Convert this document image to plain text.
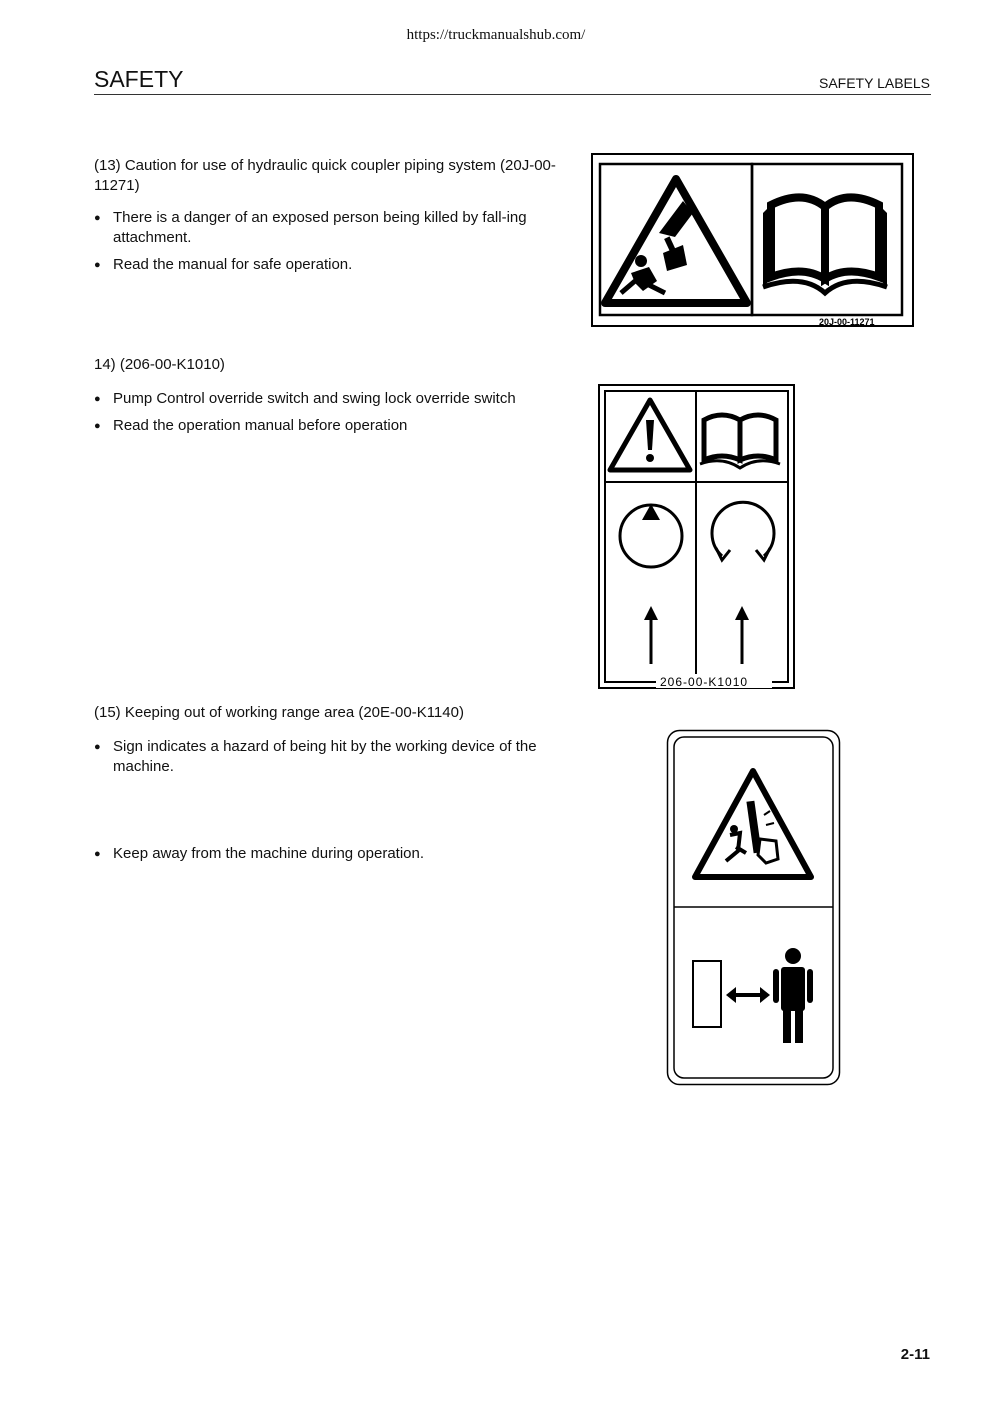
https://truckmanualshub.com/
SAFETY	SAFETY LABELS

(13) Caution for use of hydraulic quick coupler piping system (20J-00-11271)

● There is a danger of an exposed person being killed by fall-ing attachment.

● Read the manual for safe operation.

20J-00-11271

14) (206-00-K1010)

● Pump Control override switch and swing lock override switch

● Read the operation manual before operation

206-00-K1010

(15) Keeping out of working range area (20E-00-K1140)

● Sign indicates a hazard of being hit by the working device of the machine.

● Keep away from the machine during operation.

2-11
